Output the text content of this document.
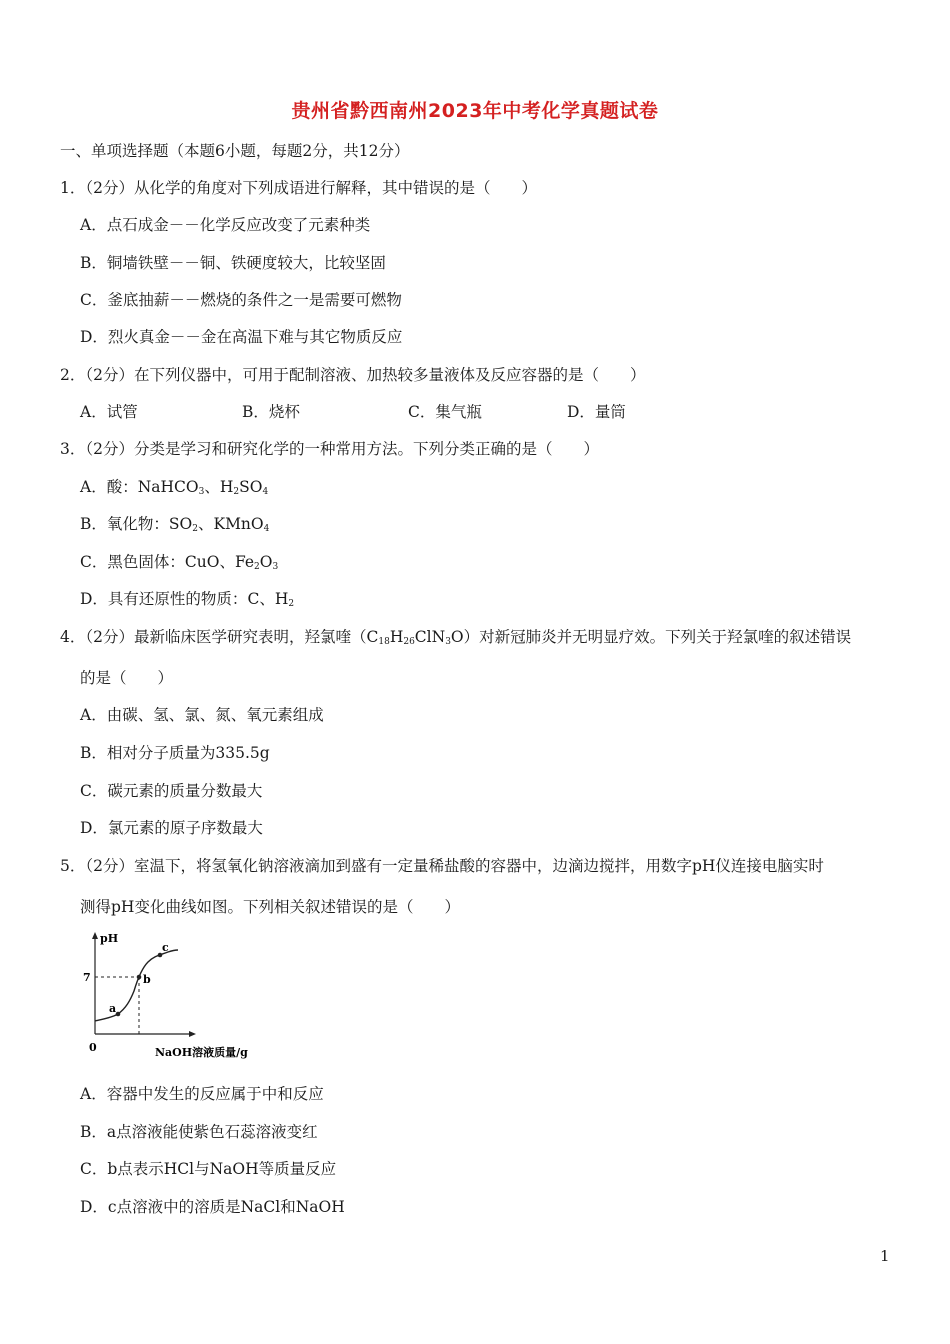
贵州省黔西南州2023年中考化学真题试卷
一、单项选择题（本题6小题，每题2分，共12分）
1．（2分）从化学的角度对下列成语进行解释，其中错误的是（　　）
A．点石成金－－化学反应改变了元素种类
B．铜墙铁壁－－铜、铁硬度较大，比较坚固
C．釜底抽薪－－燃烧的条件之一是需要可燃物
D．烈火真金－－金在高温下难与其它物质反应
2．（2分）在下列仪器中，可用于配制溶液、加热较多量液体及反应容器的是（　　）
A．试管	B．烧杯	C．集气瓶	D．量筒
3．（2分）分类是学习和研究化学的一种常用方法。下列分类正确的是（　　）
A．酸：NaHCO$_3$、$H_2SO_4$
B．氧化物：$SO_2$、KMnO$_4$
C．黑色固体：CuO、$Fe_2O_3$
D．具有还原性的物质：C、$H_2$
4．（2分）最新临床医学研究表明，羟氯喹$(C_{18}H_{26}ClN_3O)$对新冠肺炎并无明显疗效。下列关于羟氯喹的叙述错误
的是（　　）
A．由碳、氢、氯、氮、氧元素组成
B．相对分子质量为335.5g
C．碳元素的质量分数最大
D．氯元素的原子序数最大
5．（2分）室温下，将氢氧化钠溶液滴加到盛有一定量稀盐酸的容器中，边滴边搅拌，用数字pH仪连接电脑实时
测得pH变化曲线如图。下列相关叙述错误的是（　　）
pH
7
0
a
b
c
NaOH溶液质量/g
A．容器中发生的反应属于中和反应
B．a点溶液能使紫色石蕊溶液变红
C．b点表示HCl与NaOH等质量反应
D．c点溶液中的溶质是NaCl和NaOH
1
